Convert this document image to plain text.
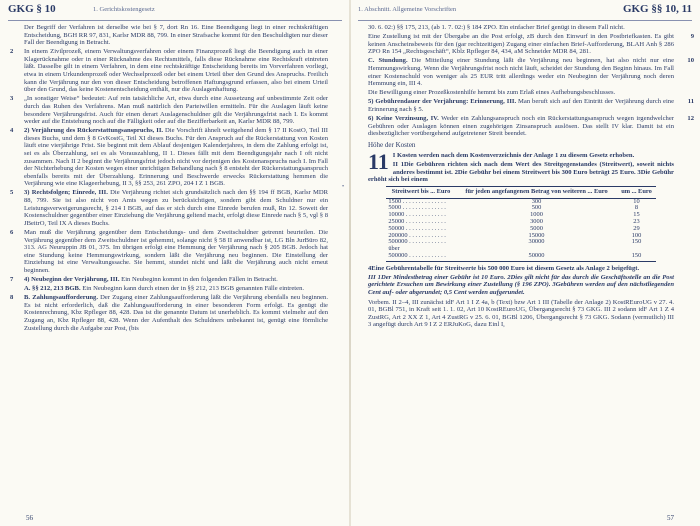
•
GKG § 10	1. Gerichtskostengesetz
Der Begriff der Verfahren ist derselbe wie bei § 7, dort Rn 16. Eine Beendigung liegt in einer rechtskräftigen Entscheidung, BGH RR 97, 831, Karlsr MDR 88, 799. In einer Strafsache kommt für den Beschuldigten nur dieser Fall der Beendigung in Betracht.
2 In einem Zivilprozeß, einem Verwaltungsverfahren oder einem Finanzprozeß liegt die Beendigung auch in einer Klagerücknahme oder in einer Rücknahme des Rechtsmittels, falls diese Rücknahme eine Rechtskraft eintreten läßt. Dasselbe gilt in einem Verfahren, in dem eine rechtskräftige Entscheidung bereits im Vorverfahren vorliegt, etwa in einem Urkundenprozeß oder Wechselprozeß oder bei einem Urteil über den Grund des Anspruchs. Freilich kann die Verjährung nur den von dieser Entscheidung betroffenen Haftungsgrund erfassen, also bei einem Urteil über den Grund, das keine Kostenentscheidung enthält, nur die Auslagenhaftung.
3 „In sonstiger Weise“ bedeutet: Auf rein tatsächliche Art, etwa durch eine Aussetzung auf unbestimmte Zeit oder durch das Ruhen des Verfahrens. Man muß natürlich den Parteiwillen ermitteln. Für die Auslagen läuft keine besondere Verjährungsfrist. Auch für einen derart Auslagenschuldner gilt die Verjährungsfrist nach I. Es kommt weder auf die Entstehung noch auf die Fälligkeit oder auf die Bezifferbarkeit an, Karlsr MDR 88, 799.
4 2) Verjährung des Rückerstattungsanspruchs, II. Die Vorschrift ähnelt weitgehend dem § 17 II KostO, Teil III dieses Buchs, und dem § 8 GvKostG, Teil XI dieses Buchs. Für den Anspruch auf die Rückerstattung von Kosten läuft eine vierjährige Frist. Sie beginnt mit dem Ablauf desjenigen Kalenderjahres, in dem die Zahlung erfolgt ist, sei es als Überzahlung, sei es als Vorauszahlung, II 1. Dieses fällt mit dem Beendigungsjahr nach I oft nicht zusammen. Nach II 2 beginnt die Verjährungsfrist jedoch nicht vor derjenigen des Kostenanspruchs nach I. Im Fall der Nichterhebung der Kosten wegen einer unrichtigen Behandlung nach § 8 entsteht der Rückerstattungsanspruch ebenfalls bereits mit der Überzahlung. Erinnerung und Beschwerde erwecks Rückerstattung hemmen die Verjährung wie eine Klageerhebung, II 3, §§ 253, 261 ZPO, 204 I Z 1 BGB.
5 3) Rechtsfolgen; Einrede, III. Die Verjährung richtet sich grundsätzlich nach den §§ 194 ff BGB, Karlsr MDR 88, 799. Sie ist also nicht von Amts wegen zu berücksichtigen, sondern gibt dem Schuldner nur ein Leistungsverweigerungsrecht, § 214 I BGB, auf das er sich durch eine Einrede berufen muß, Rn 12. Soweit der Kostenschuldner gegenüber einer Einziehung die Verjährung geltend macht, erfolgt diese Einrede nach § 5, vgl § 8 JBeitrO, Teil IX A dieses Buchs.
6 Man muß die Verjährung gegenüber dem Entscheidungs- und dem Zweitschuldner getrennt beurteilen. Die Verjährung gegenüber dem Zweitschuldner ist gehemmt, solange nicht § 58 II anwendbar ist, LG Bln JurBüro 82, 313. AG Neuruppin JB 01, 375. Im übrigen erfolgt eine Hemmung der Verjährung nach § 205 BGB. Jedoch hat eine Stundung keine Hemmungswirkung, sondern läßt die Verjährung neu beginnen. Die Einstellung der Einziehung ist eine Verwaltungssache. Sie hemmt, stundet nicht und läßt die Verjährung auch nicht erneut beginnen.
7 4) Neubeginn der Verjährung, III. Ein Neubeginn kommt in den folgenden Fällen in Betracht.
A. §§ 212, 213 BGB. Ein Neubeginn kann durch einen der in §§ 212, 213 BGB genannten Fälle eintreten.
8 B. Zahlungsaufforderung. Der Zugang einer Zahlungsaufforderung läßt die Verjährung ebenfalls neu beginnen. Es ist nicht erforderlich, daß die Zahlungsaufforderung in einer besonderen Form erfolgt. Es genügt die Kostenrechnung, Kbz Rpfleger 88, 428. Das ist die genannte Datum ist unerheblich. Es kommt vielmehr auf den Zugang an, Kbz Rpfleger 88, 428. Wenn der Aufenthalt des Schuldners unbekannt ist, genügt eine förmliche Zustellung durch die Aufgabe zur Post, (bis
56
1. Abschnitt. Allgemeine Vorschriften	GKG §§ 10, 11
30. 6. 02:) §§ 175, 213, (ab 1. 7. 02:) § 184 ZPO. Ein einfacher Brief genügt in diesem Fall nicht.
9
Eine Zustellung ist mit der Übergabe an die Post erfolgt, zB durch den Einwurf in den Postbriefkasten. Es gibt keinen Anscheinsbeweis für den (gar rechtzeitigen) Zugang einer einfachen Brief-Aufforderung, BLAH Anh § 286 ZPO Rn 154 „Rechtsgeschäft“, Kblz Rpfleger 84, 434, aM Schneider MDR 84, 281.
10
C. Stundung. Die Mitteilung einer Stundung läßt die Verjährung neu beginnen, hat also nicht nur eine Hemmungswirkung. Wenn die Verjährungsfrist noch nicht läuft, scheidet der Stundung den Beginn hinaus. Im Fall einer Kostenschuld von weniger als 25 EUR tritt allerdings weder ein Neubeginn der Verjährung noch deren Hemmung ein, III 4.
Die Bewilligung einer Prozeßkostenhilfe hemmt bis zum Erlaß eines Aufhebungsbeschlusses.
11
5) Gebührendauer der Verjährung: Erinnerung, III. Man beruft sich auf den Eintritt der Verjährung durch eine Erinnerung nach § 5.
12
6) Keine Verzinsung, IV. Weder ein Zahlungsanspruch noch ein Rückerstattungsanspruch wegen irgendwelcher Gebühren oder Auslagen können einen zugehörigen Zinsanspruch auslösen. Das stellt IV klar. Damit ist ein diesbezüglicher vorübergehend aufgetretener Streit beendet.
Höhe der Kosten
11 I Kosten werden nach dem Kostenverzeichnis der Anlage 1 zu diesem Gesetz erhoben.
II 1Die Gebühren richten sich nach dem Wert des Streitgegenstandes (Streitwert), soweit nichts anderes bestimmt ist. 2Die Gebühr bei einem Streitwert bis 300 Euro beträgt 25 Euro. 3Die Gebühr erhöht sich bei einem
Streitwert bis ... Euro	für jeden angefangenen Betrag von weiteren ... Euro	um ... Euro
1500 . . . . . . . . . . . . . .	300	10
5000 . . . . . . . . . . . . . .	500	8
10000 . . . . . . . . . . . . .	1000	15
25000 . . . . . . . . . . . . .	3000	23
50000 . . . . . . . . . . . . .	5000	29
200000 . . . . . . . . . . . .	15000	100
500000 . . . . . . . . . . . .	30000	150
über		
500000 . . . . . . . . . . . .	50000	150
4Eine Gebührentabelle für Streitwerte bis 500 000 Euro ist diesem Gesetz als Anlage 2 beigefügt.
III 1Der Mindestbetrag einer Gebühr ist 10 Euro. 2Dies gilt nicht für das durch die Geschäftsstelle an die Post gerichtete Ersuchen um Bewirkung einer Zustellung (§ 196 ZPO). 3Gebühren werden auf den nächstliegenden Cent auf- oder abgerundet; 0,5 Cent werden aufgerundet.
Vorbem. II 2–4, III zunächst idF Art 1 I Z 4a, b (Text) bzw Art 1 III (Tabelle der Anlage 2) KostREuroUG v 27. 4. 01, BGBl 751, in Kraft seit 1. 1. 02, Art 10 KostREuroUG, Übergangsrecht § 73 GKG. III 2 sodann idF Art 1 Z 4 ZustRG, Art 2 XX Z 1, Art 4 ZustRG v 25. 6. 01, BGBl 1206, Übergangsrecht § 73 GKG. Sodann (vermutlich) III 3 angefügt durch Art 9 I Z 2 ERJuKoG, dazu Einl I,
57
